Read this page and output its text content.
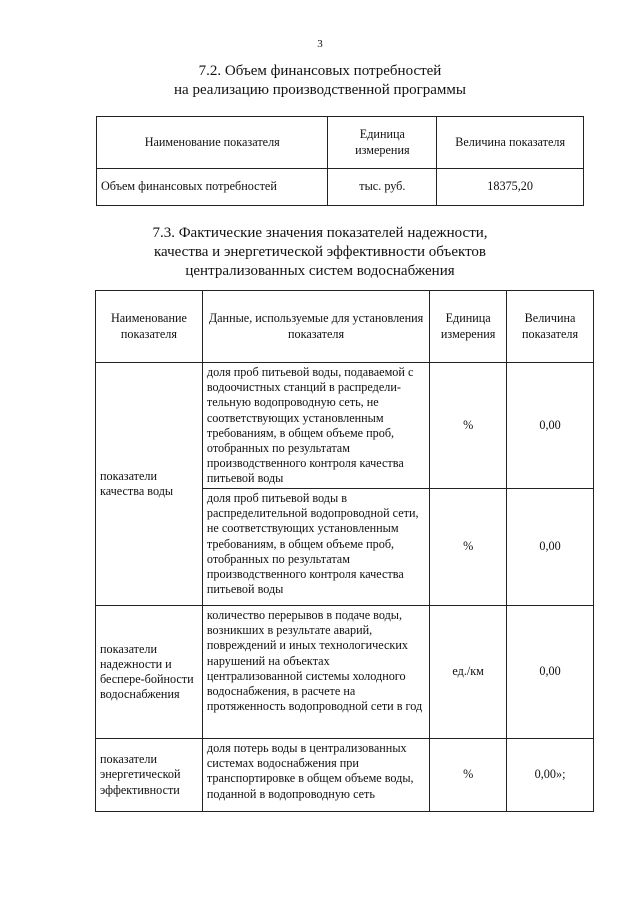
3
7.2. Объем финансовых потребностей
на реализацию производственной программы
Наименование показателя	Единица измерения	Величина показателя
Объем финансовых потребностей	тыс. руб.	18375,20
7.3. Фактические значения показателей надежности,
качества и энергетической эффективности объектов
централизованных систем водоснабжения
Наименование показателя	Данные, используемые для установления показателя	Единица измерения	Величина показателя
показатели качества воды	доля проб питьевой воды, подаваемой с водоочистных станций в распредели-тельную водопроводную сеть, не соответствующих установленным требованиям, в общем объеме проб, отобранных по результатам производственного контроля качества питьевой воды	%	0,00
	доля проб питьевой воды в распределительной водопроводной сети, не соответствующих установленным требованиям, в общем объеме проб, отобранных по результатам производственного контроля качества питьевой воды	%	0,00
показатели надежности и беспере-бойности водоснабжения	количество перерывов в подаче воды, возникших в результате аварий, повреждений и иных технологических нарушений на объектах централизованной системы холодного водоснабжения, в расчете на протяженность водопроводной сети в год	ед./км	0,00
показатели энергетической эффективности	доля потерь воды в централизованных системах водоснабжения при транспортировке в общем объеме воды, поданной в водопроводную сеть	%	0,00»;
